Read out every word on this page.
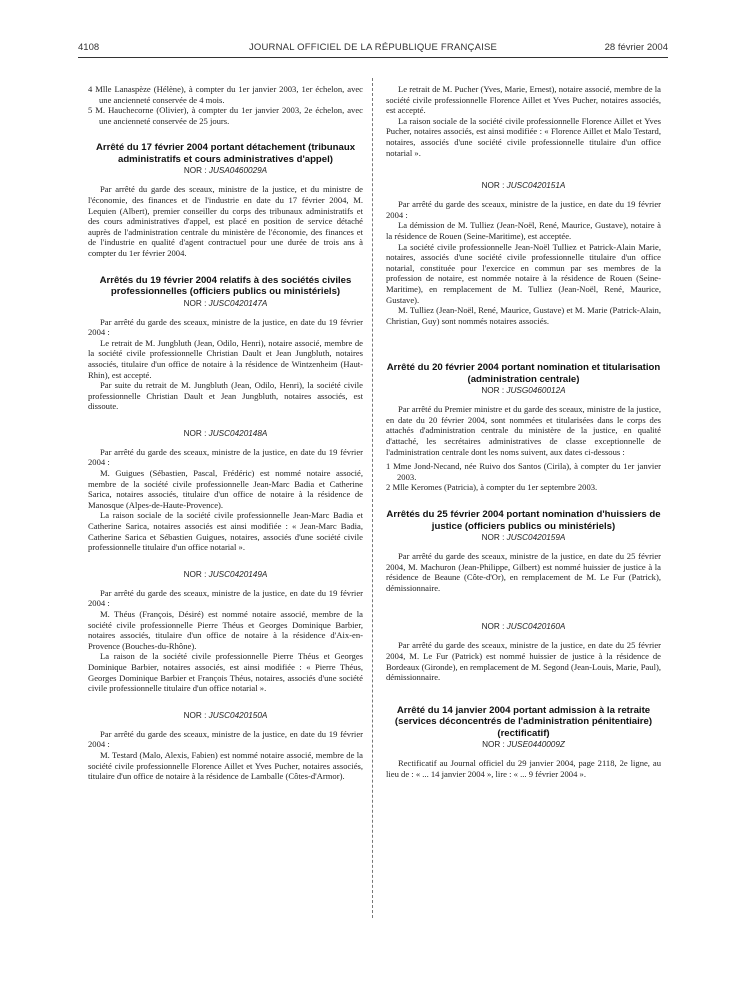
4108	JOURNAL OFFICIEL DE LA RÉPUBLIQUE FRANÇAISE	28 février 2004

4 Mlle Lanaspèze (Hélène), à compter du 1er janvier 2003, 1er échelon, avec une ancienneté conservée de 4 mois.

5 M. Hauchecorne (Olivier), à compter du 1er janvier 2003, 2e échelon, avec une ancienneté conservée de 25 jours.

Arrêté du 17 février 2004 portant détachement (tribunaux administratifs et cours administratives d'appel)
NOR : JUSA0460029A

Par arrêté du garde des sceaux, ministre de la justice, et du ministre de l'économie, des finances et de l'industrie en date du 17 février 2004, M. Lequien (Albert), premier conseiller du corps des tribunaux administratifs et des cours administratives d'appel, est placé en position de service détaché auprès de l'administration centrale du ministère de l'économie, des finances et de l'industrie en qualité d'agent contractuel pour une durée de trois ans à compter du 1er février 2004.

Arrêtés du 19 février 2004 relatifs à des sociétés civiles professionnelles (officiers publics ou ministériels)
NOR : JUSC0420147A

Par arrêté du garde des sceaux, ministre de la justice, en date du 19 février 2004 :

Le retrait de M. Jungbluth (Jean, Odilo, Henri), notaire associé, membre de la société civile professionnelle Christian Dault et Jean Jungbluth, notaires associés, titulaire d'un office de notaire à la résidence de Wintzenheim (Haut-Rhin), est accepté.

Par suite du retrait de M. Jungbluth (Jean, Odilo, Henri), la société civile professionnelle Christian Dault et Jean Jungbluth, notaires associés, est dissoute.

NOR : JUSC0420148A

Par arrêté du garde des sceaux, ministre de la justice, en date du 19 février 2004 :

M. Guigues (Sébastien, Pascal, Frédéric) est nommé notaire associé, membre de la société civile professionnelle Jean-Marc Badia et Catherine Sarica, notaires associés, titulaire d'un office de notaire à la résidence de Manosque (Alpes-de-Haute-Provence).

La raison sociale de la société civile professionnelle Jean-Marc Badia et Catherine Sarica, notaires associés est ainsi modifiée : « Jean-Marc Badia, Catherine Sarica et Sébastien Guigues, notaires, associés d'une société civile professionnelle titulaire d'un office notarial ».

NOR : JUSC0420149A

Par arrêté du garde des sceaux, ministre de la justice, en date du 19 février 2004 :

M. Théus (François, Désiré) est nommé notaire associé, membre de la société civile professionnelle Pierre Théus et Georges Dominique Barbier, notaires associés, titulaire d'un office de notaire à la résidence d'Aix-en-Provence (Bouches-du-Rhône).

La raison de la société civile professionnelle Pierre Théus et Georges Dominique Barbier, notaires associés, est ainsi modifiée : « Pierre Théus, Georges Dominique Barbier et François Théus, notaires, associés d'une société civile professionnelle titulaire d'un office notarial ».

NOR : JUSC0420150A

Par arrêté du garde des sceaux, ministre de la justice, en date du 19 février 2004 :

M. Testard (Malo, Alexis, Fabien) est nommé notaire associé, membre de la société civile professionnelle Florence Aillet et Yves Pucher, notaires associés, titulaire d'un office de notaire à la résidence de Lamballe (Côtes-d'Armor).

Le retrait de M. Pucher (Yves, Marie, Ernest), notaire associé, membre de la société civile professionnelle Florence Aillet et Yves Pucher, notaires associés, est accepté.

La raison sociale de la société civile professionnelle Florence Aillet et Yves Pucher, notaires associés, est ainsi modifiée : « Florence Aillet et Malo Testard, notaires, associés d'une société civile professionnelle titulaire d'un office notarial ».

NOR : JUSC0420151A

Par arrêté du garde des sceaux, ministre de la justice, en date du 19 février 2004 :

La démission de M. Tulliez (Jean-Noël, René, Maurice, Gustave), notaire à la résidence de Rouen (Seine-Maritime), est acceptée.

La société civile professionnelle Jean-Noël Tulliez et Patrick-Alain Marie, notaires, associés d'une société civile professionnelle titulaire d'un office notarial, constituée pour l'exercice en commun par ses membres de la profession de notaire, est nommée notaire à la résidence de Rouen (Seine-Maritime), en remplacement de M. Tulliez (Jean-Noël, René, Maurice, Gustave).

M. Tulliez (Jean-Noël, René, Maurice, Gustave) et M. Marie (Patrick-Alain, Christian, Guy) sont nommés notaires associés.

Arrêté du 20 février 2004 portant nomination et titularisation (administration centrale)
NOR : JUSG0460012A

Par arrêté du Premier ministre et du garde des sceaux, ministre de la justice, en date du 20 février 2004, sont nommées et titularisées dans le corps des attachés d'administration centrale du ministère de la justice, en qualité d'attaché, les secrétaires administratives de classe exceptionnelle de l'administration centrale dont les noms suivent, aux dates ci-dessous :

1 Mme Jond-Necand, née Ruivo dos Santos (Cirila), à compter du 1er janvier 2003.

2 Mlle Keromes (Patricia), à compter du 1er septembre 2003.

Arrêtés du 25 février 2004 portant nomination d'huissiers de justice (officiers publics ou ministériels)
NOR : JUSC0420159A

Par arrêté du garde des sceaux, ministre de la justice, en date du 25 février 2004, M. Machuron (Jean-Philippe, Gilbert) est nommé huissier de justice à la résidence de Beaune (Côte-d'Or), en remplacement de M. Le Fur (Patrick), démissionnaire.

NOR : JUSC0420160A

Par arrêté du garde des sceaux, ministre de la justice, en date du 25 février 2004, M. Le Fur (Patrick) est nommé huissier de justice à la résidence de Bordeaux (Gironde), en remplacement de M. Segond (Jean-Louis, Marie, Paul), démissionnaire.

Arrêté du 14 janvier 2004 portant admission à la retraite (services déconcentrés de l'administration pénitentiaire) (rectificatif)
NOR : JUSE0440009Z

Rectificatif au Journal officiel du 29 janvier 2004, page 2118, 2e ligne, au lieu de : « ... 14 janvier 2004 », lire : « ... 9 février 2004 ».
